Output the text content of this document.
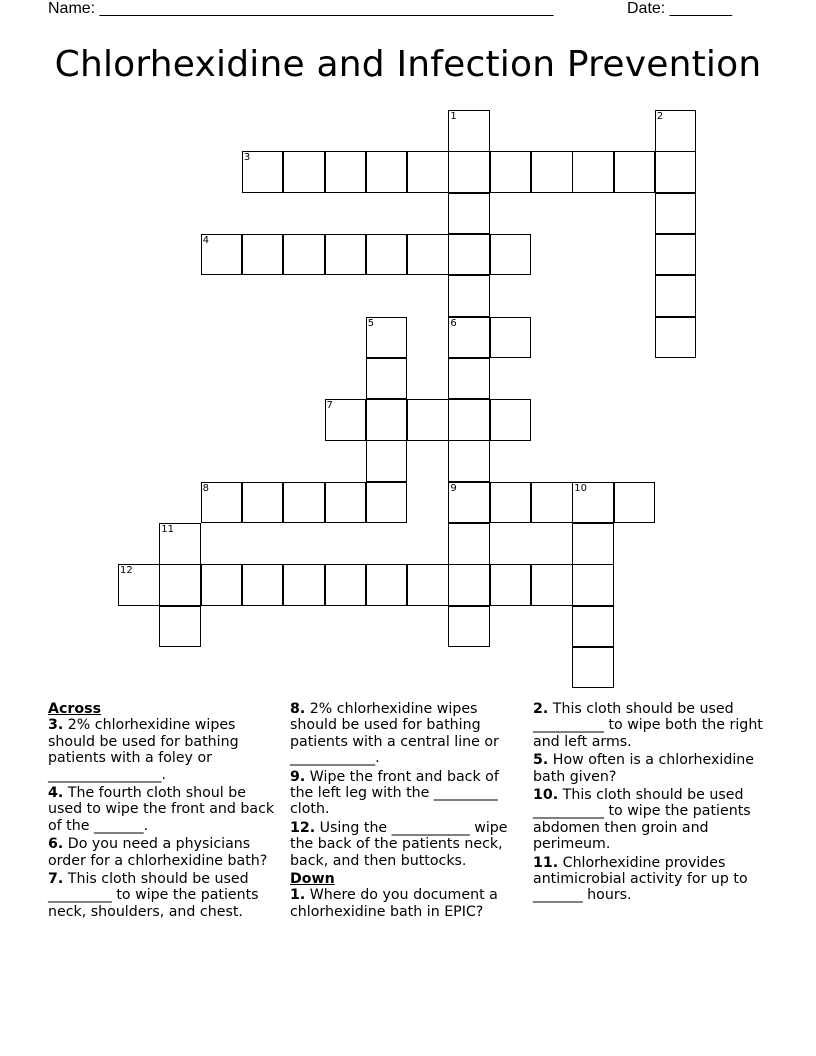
Name: ___________________________________________________	Date: _______
Chlorhexidine and Infection Prevention
1	2
3
4
5	6
7
8	9	10
11
12
Across
3. 2% chlorhexidine wipes should be used for bathing patients with a foley or ________________.
4. The fourth cloth shoul be used to wipe the front and back of the _______.
6. Do you need a physicians order for a chlorhexidine bath?
7. This cloth should be used _________ to wipe the patients neck, shoulders, and chest.
8. 2% chlorhexidine wipes should be used for bathing patients with a central line or ____________.
9. Wipe the front and back of the left leg with the _________ cloth.
12. Using the ___________ wipe the back of the patients neck, back, and then buttocks.
Down
1. Where do you document a chlorhexidine bath in EPIC?
2. This cloth should be used __________ to wipe both the right and left arms.
5. How often is a chlorhexidine bath given?
10. This cloth should be used __________ to wipe the patients abdomen then groin and perimeum.
11. Chlorhexidine provides antimicrobial activity for up to _______ hours.
